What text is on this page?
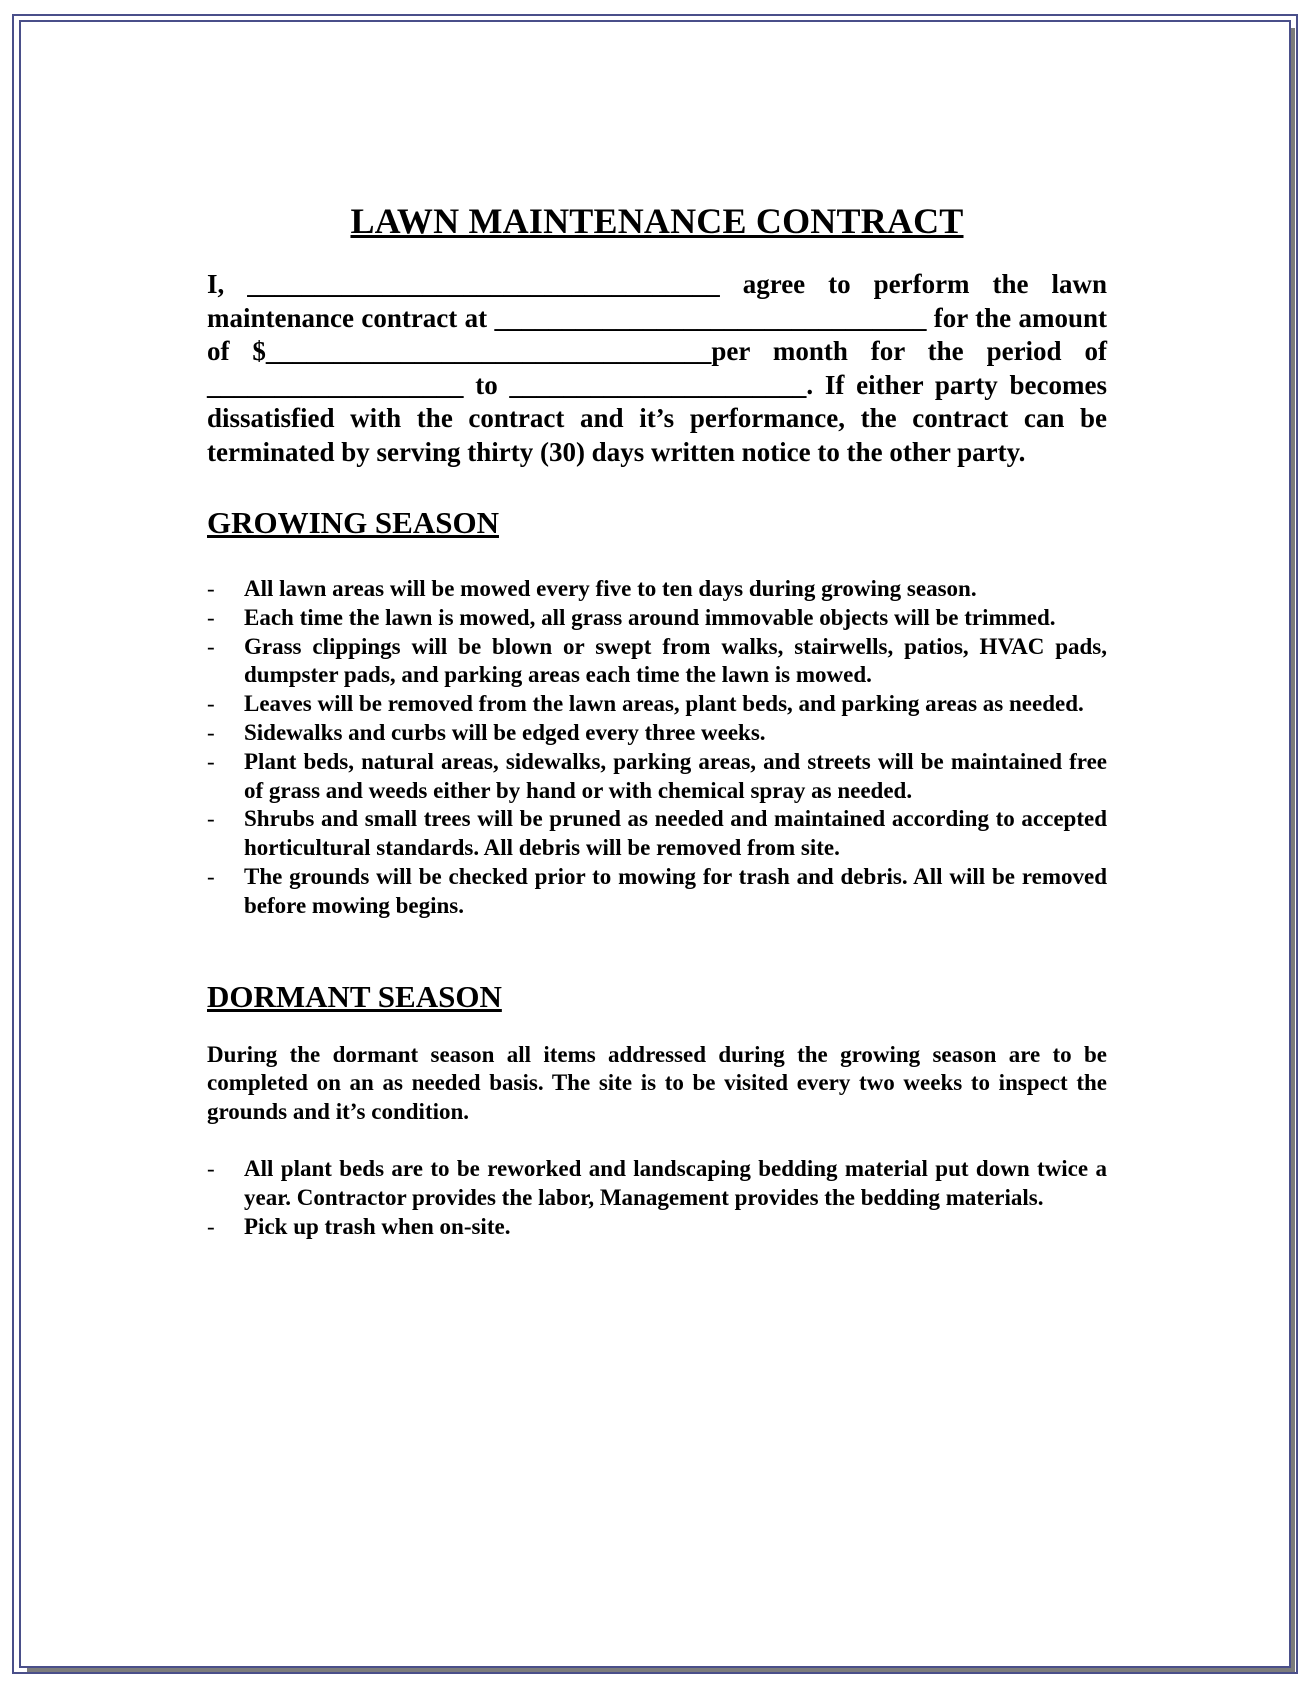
LAWN MAINTENANCE CONTRACT

I, ___________________________________ agree to perform the lawn maintenance contract at ________________________________ for the amount of $_________________________________per month for the period of ___________________ to ______________________. If either party becomes dissatisfied with the contract and it’s performance, the contract can be terminated by serving thirty (30) days written notice to the other party.

GROWING SEASON
- All lawn areas will be mowed every five to ten days during growing season.
- Each time the lawn is mowed, all grass around immovable objects will be trimmed.
- Grass clippings will be blown or swept from walks, stairwells, patios, HVAC pads, dumpster pads, and parking areas each time the lawn is mowed.
- Leaves will be removed from the lawn areas, plant beds, and parking areas as needed.
- Sidewalks and curbs will be edged every three weeks.
- Plant beds, natural areas, sidewalks, parking areas, and streets will be maintained free of grass and weeds either by hand or with chemical spray as needed.
- Shrubs and small trees will be pruned as needed and maintained according to accepted horticultural standards. All debris will be removed from site.
- The grounds will be checked prior to mowing for trash and debris. All will be removed before mowing begins.
DORMANT SEASON

During the dormant season all items addressed during the growing season are to be completed on an as needed basis. The site is to be visited every two weeks to inspect the grounds and it’s condition.

- All plant beds are to be reworked and landscaping bedding material put down twice a year. Contractor provides the labor, Management provides the bedding materials.
- Pick up trash when on-site.
